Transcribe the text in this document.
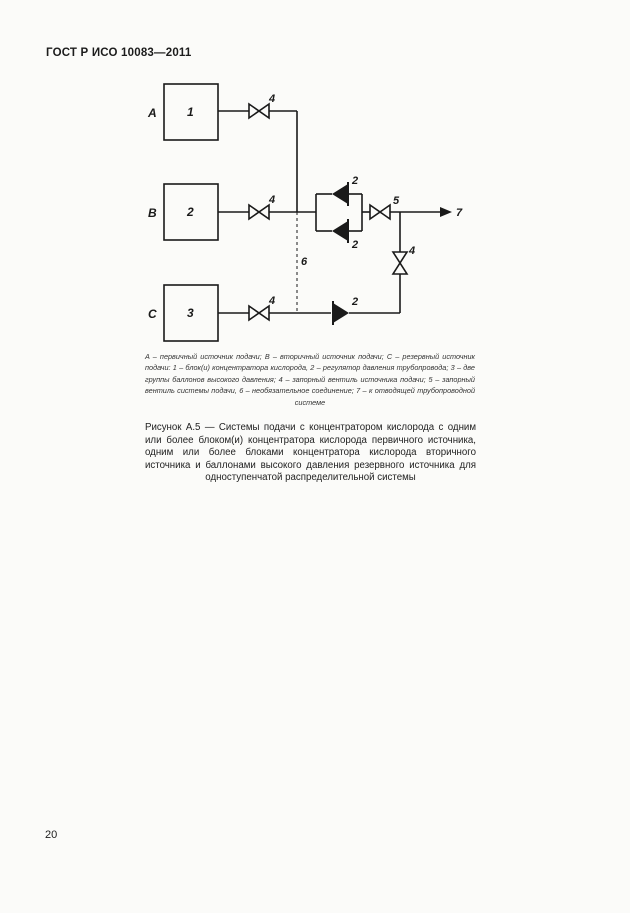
ГОСТ Р ИСО 10083—2011
A
B
C
1
2
3
4
4
4
2
2
2
5
4
6
7
A – первичный источник подачи; B – вторичный источник подачи; C – резервный источник подачи: 1 – блок(и) концентратора кислорода, 2 – регулятор давления трубопровода; 3 – две группы баллонов высокого давления; 4 – запорный вентиль источника подачи; 5 – запорный вентиль системы подачи, 6 – необязательное соединение; 7 – к отводящей трубопроводной системе
Рисунок А.5 — Системы подачи с концентратором кислорода с одним или более блоком(и) концентратора кислорода первичного источника, одним или более блоками концентратора кислорода вторичного источника и баллонами высокого давления резервного источника для одноступенчатой распределительной системы
20
